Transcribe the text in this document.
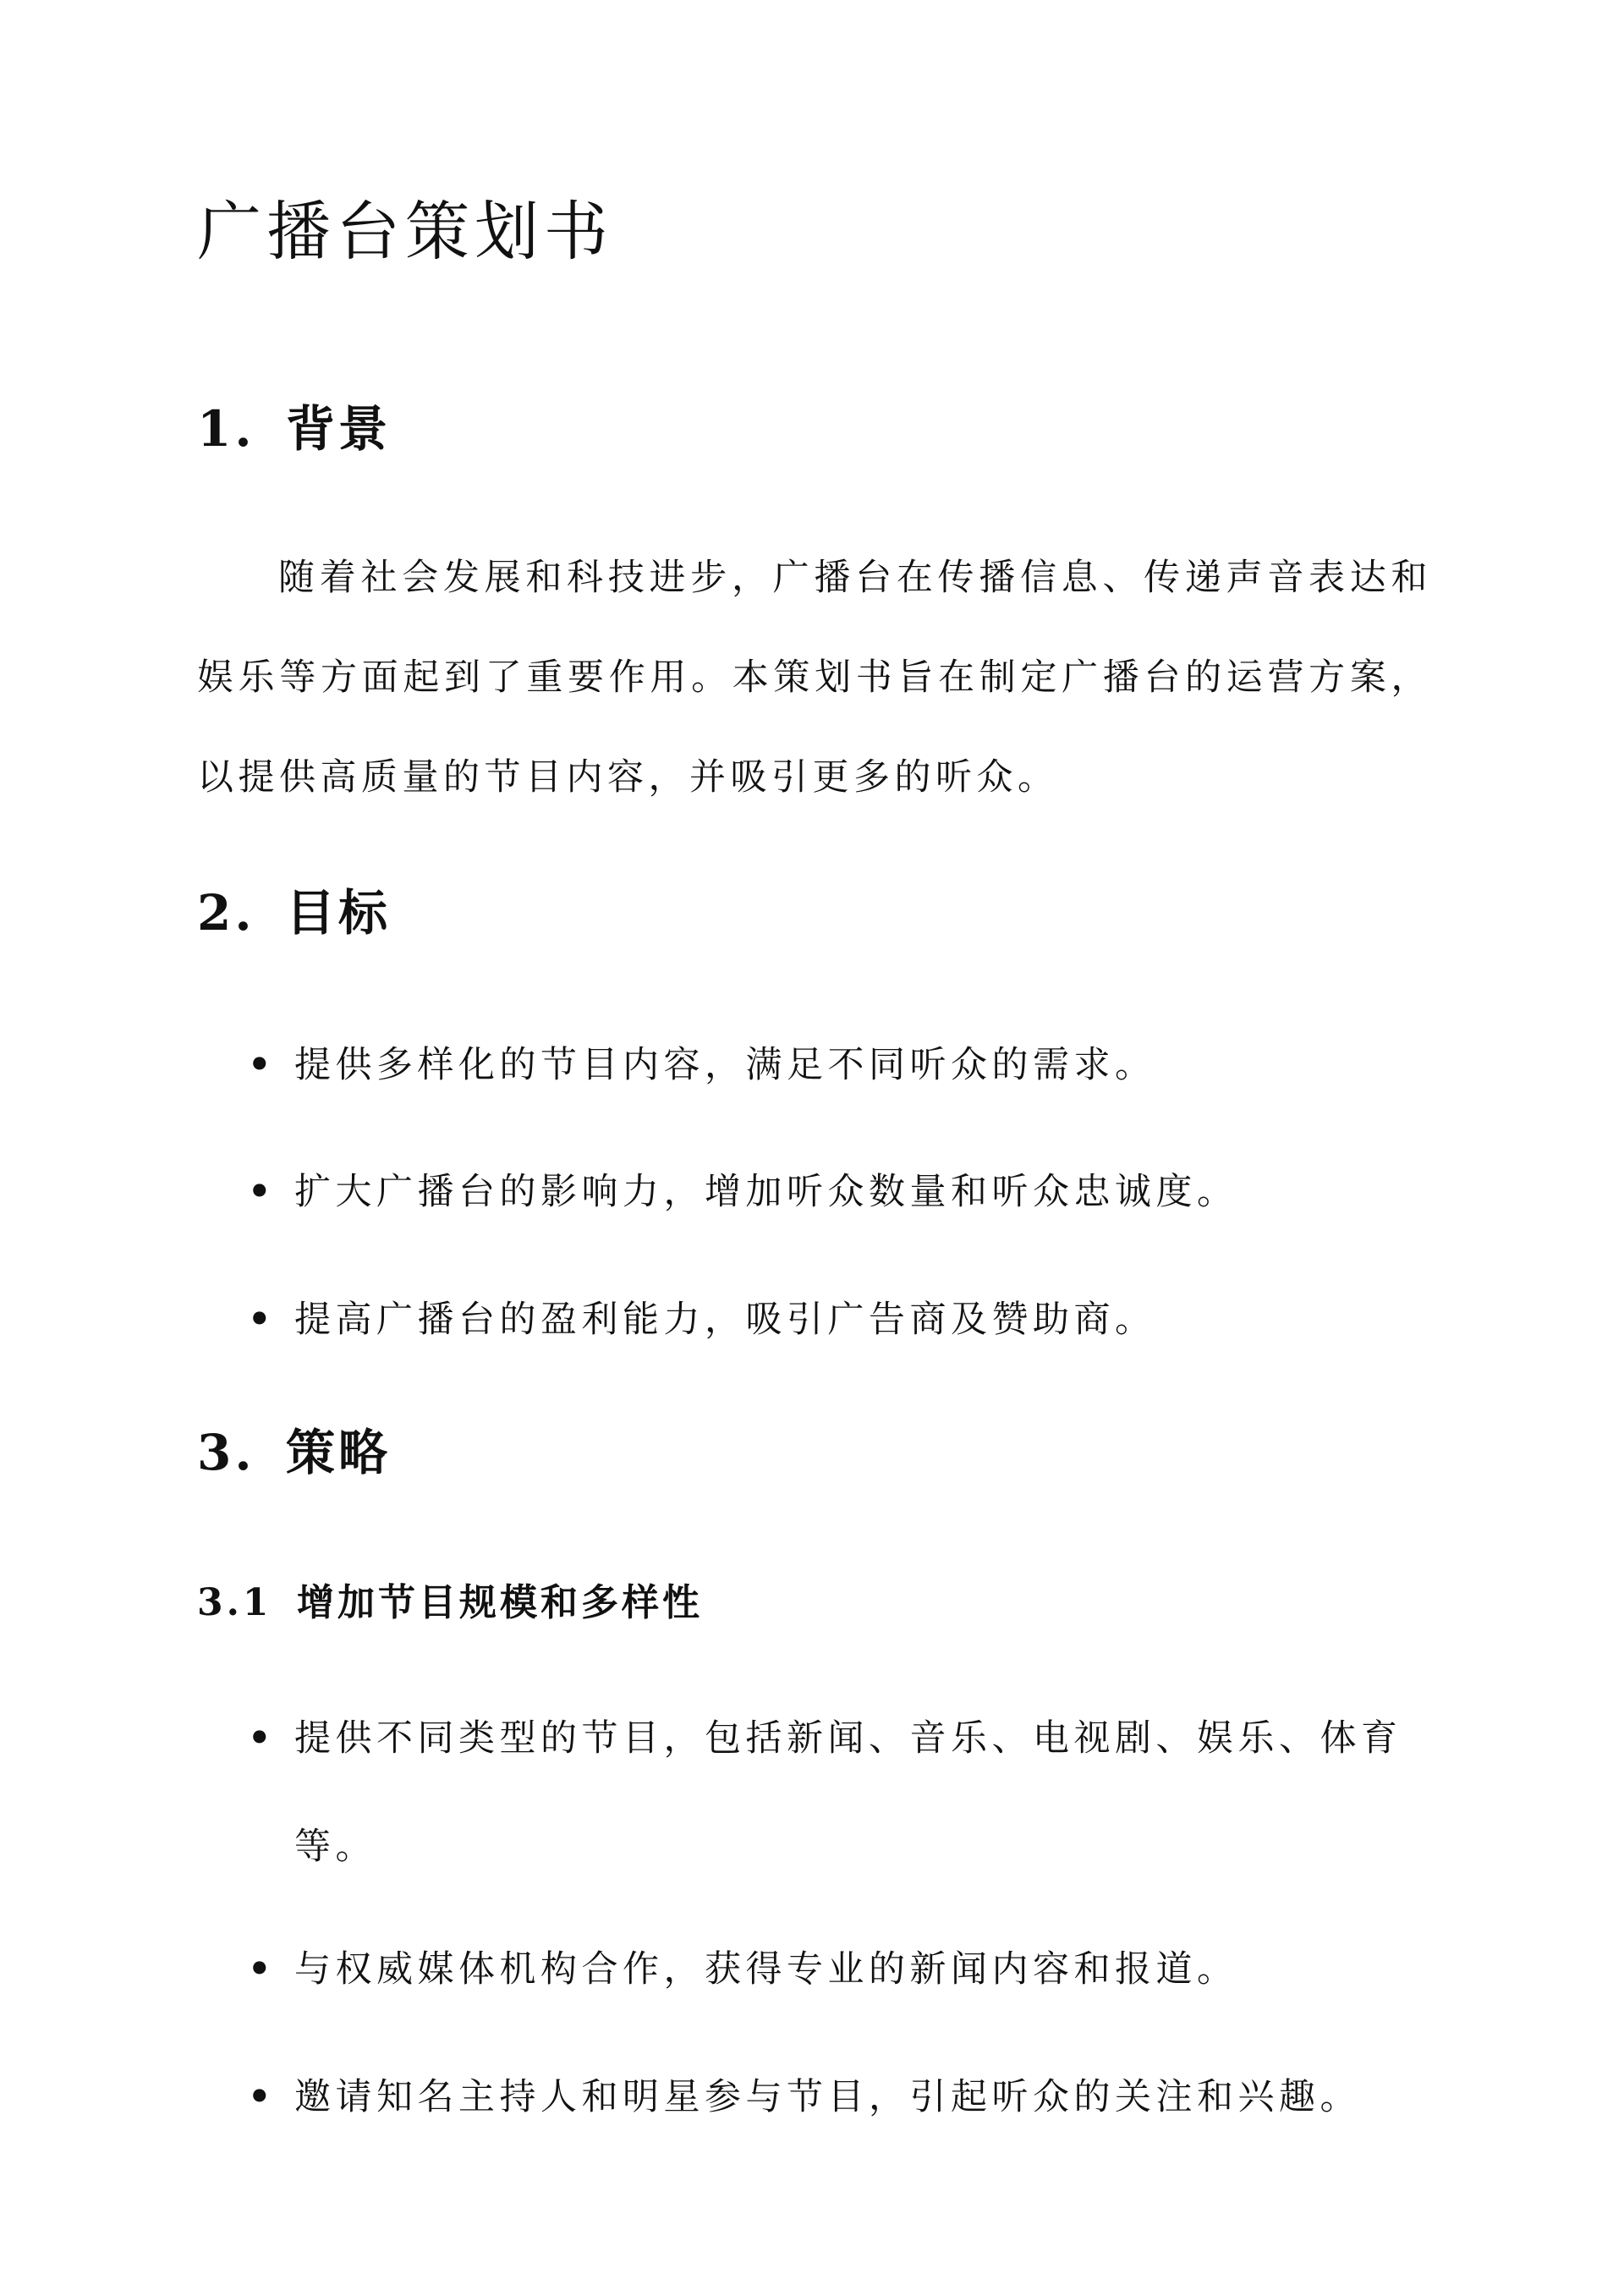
广播台策划书
1. 背景

随着社会发展和科技进步，广播台在传播信息、传递声音表达和娱乐等方面起到了重要作用。本策划书旨在制定广播台的运营方案，以提供高质量的节目内容，并吸引更多的听众。

2. 目标
• 提供多样化的节目内容，满足不同听众的需求。
• 扩大广播台的影响力，增加听众数量和听众忠诚度。
• 提高广播台的盈利能力，吸引广告商及赞助商。
3. 策略
3.1 增加节目规模和多样性
• 提供不同类型的节目，包括新闻、音乐、电视剧、娱乐、体育等。
• 与权威媒体机构合作，获得专业的新闻内容和报道。
• 邀请知名主持人和明星参与节目，引起听众的关注和兴趣。
